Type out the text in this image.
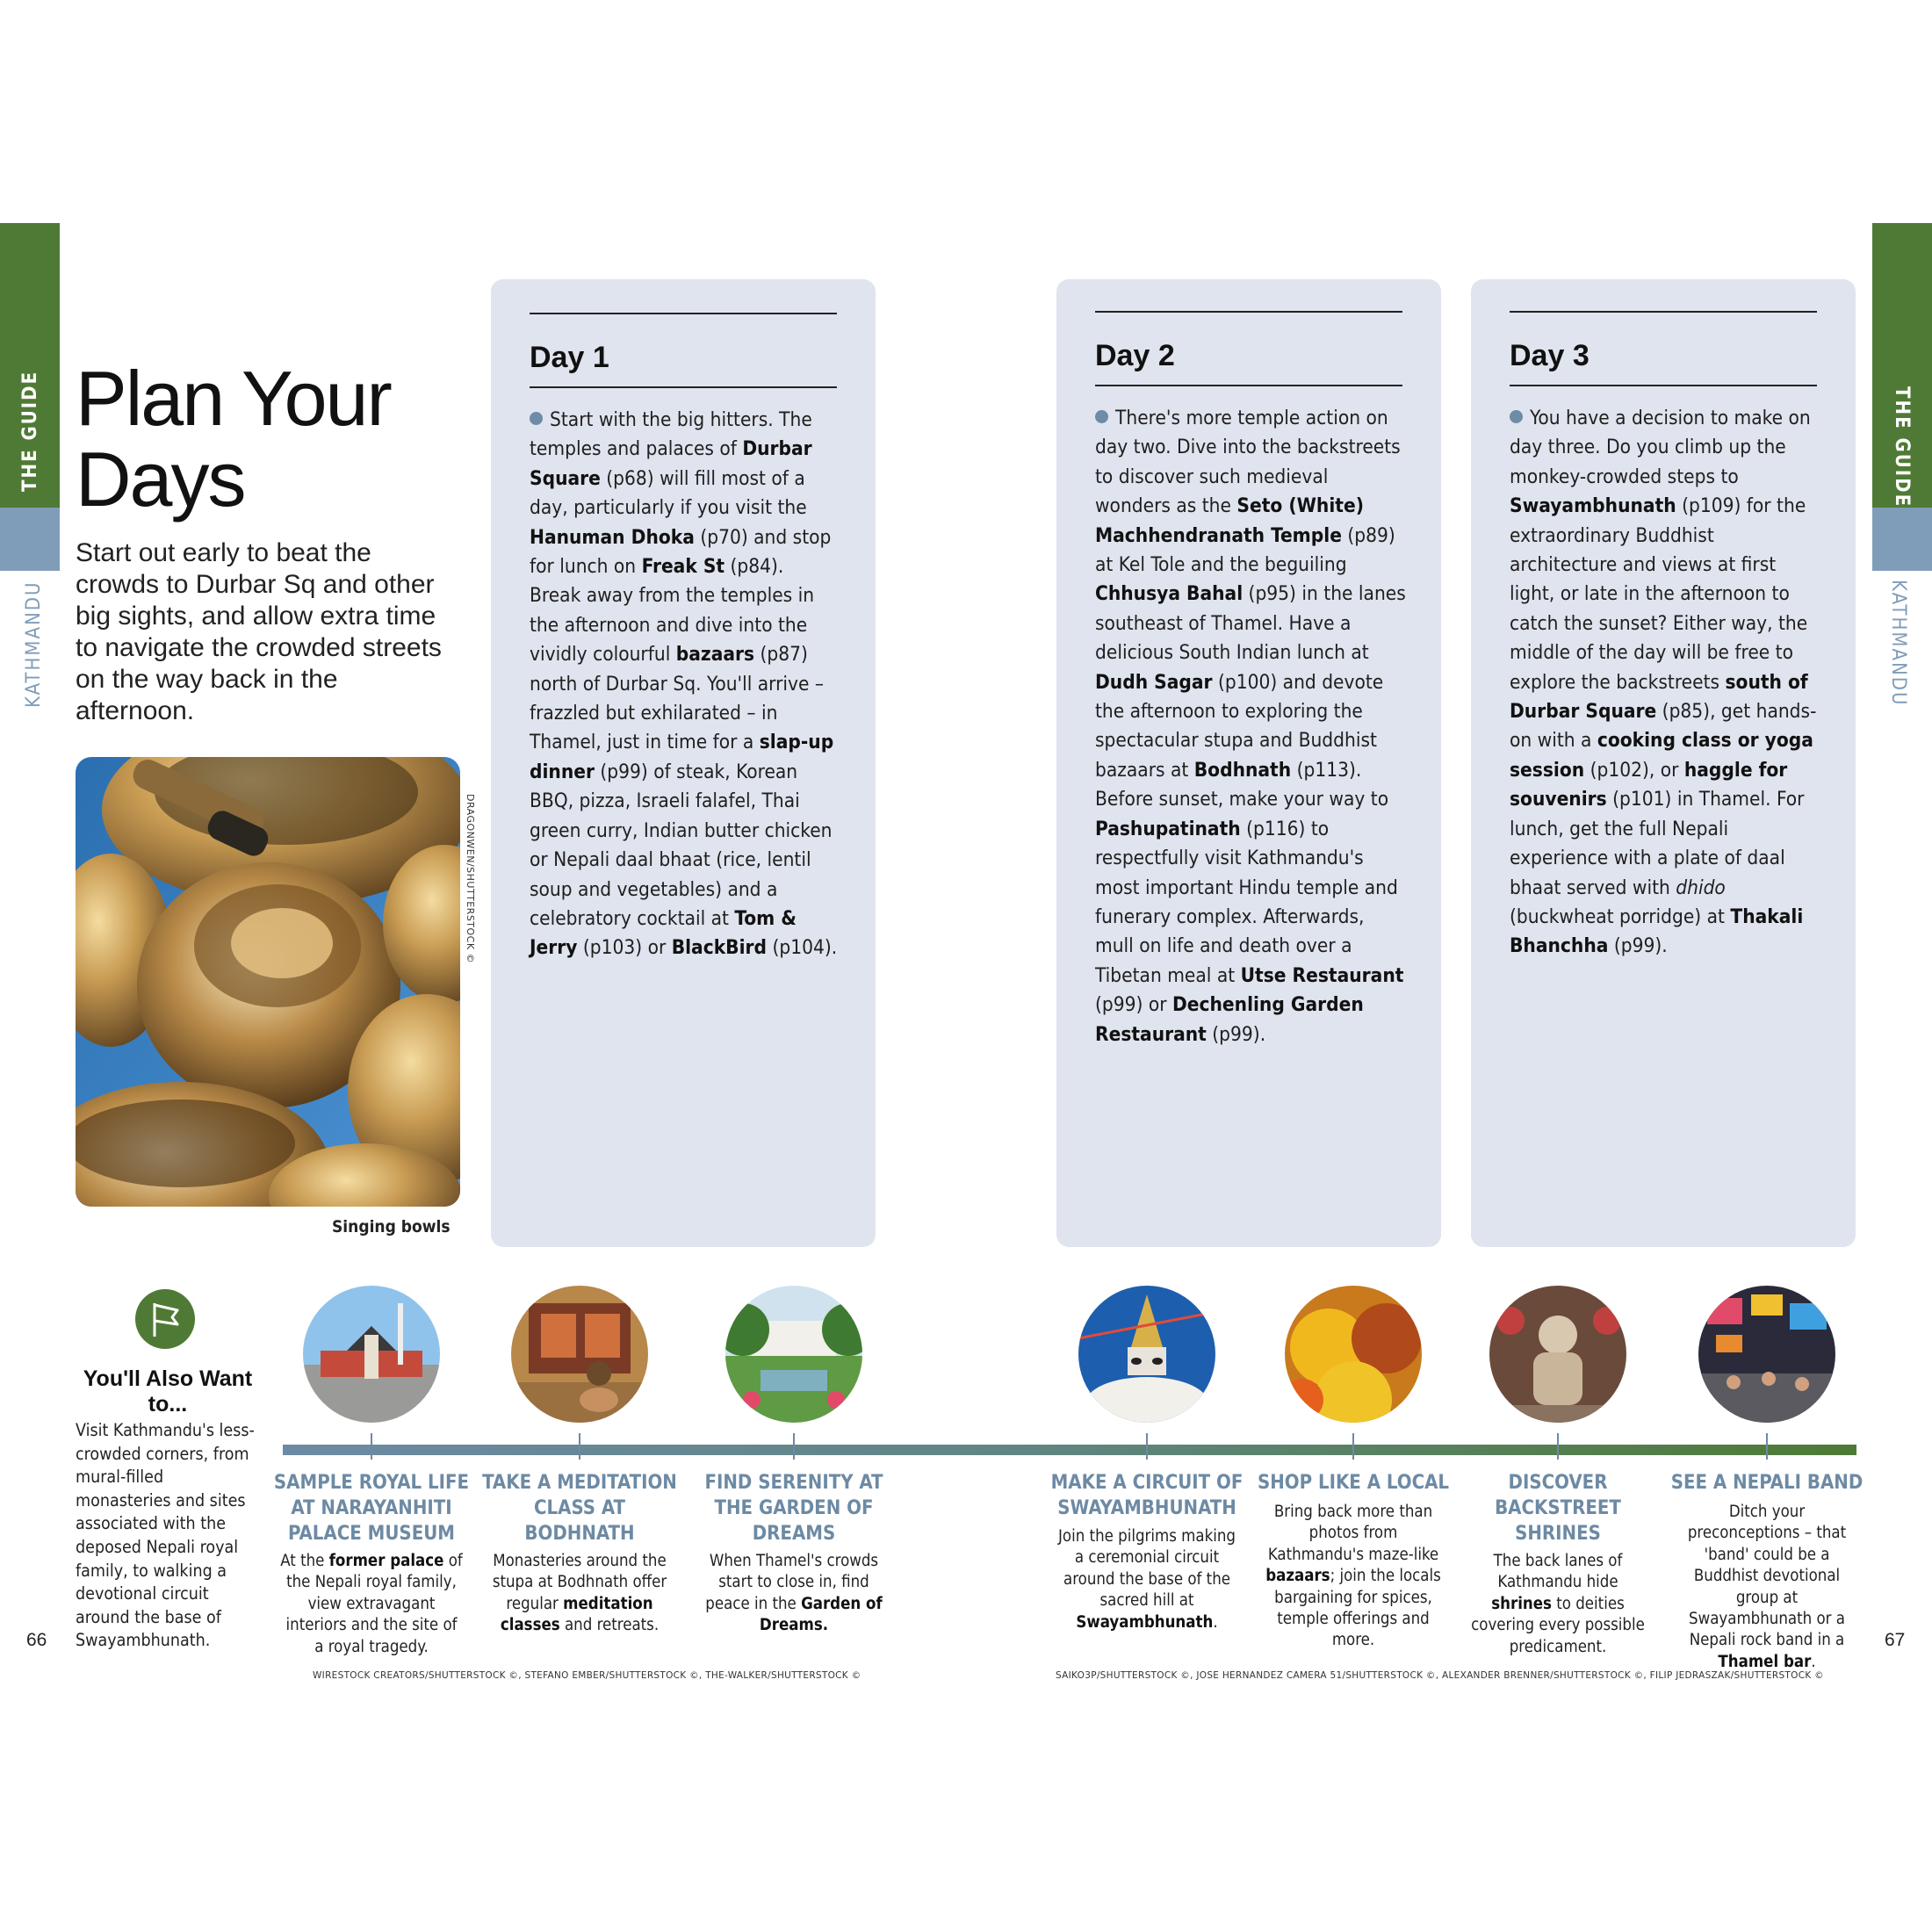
THE GUIDE
KATHMANDU
THE GUIDE
KATHMANDU
Plan Your
Days
Start out early to beat the crowds to Durbar Sq and other big sights, and allow extra time to navigate the crowded streets on the way back in the afternoon.
DRAGONWEN/SHUTTERSTOCK ©
Singing bowls
Day 1
Start with the big hitters. The temples and palaces of Durbar Square (p68) will fill most of a day, particularly if you visit the Hanuman Dhoka (p70) and stop for lunch on Freak St (p84). Break away from the temples in the afternoon and dive into the vividly colourful bazaars (p87) north of Durbar Sq. You'll arrive – frazzled but exhilarated – in Thamel, just in time for a slap-up dinner (p99) of steak, Korean BBQ, pizza, Israeli falafel, Thai green curry, Indian butter chicken or Nepali daal bhaat (rice, lentil soup and vegetables) and a celebratory cocktail at Tom & Jerry (p103) or BlackBird (p104).
Day 2
There's more temple action on day two. Dive into the backstreets to discover such medieval wonders as the Seto (White) Machhendranath Temple (p89) at Kel Tole and the beguiling Chhusya Bahal (p95) in the lanes southeast of Thamel. Have a delicious South Indian lunch at Dudh Sagar (p100) and devote the afternoon to exploring the spectacular stupa and Buddhist bazaars at Bodhnath (p113). Before sunset, make your way to Pashupatinath (p116) to respectfully visit Kathmandu's most important Hindu temple and funerary complex. Afterwards, mull on life and death over a Tibetan meal at Utse Restaurant (p99) or Dechenling Garden Restaurant (p99).
Day 3
You have a decision to make on day three. Do you climb up the monkey-crowded steps to Swayambhunath (p109) for the extraordinary Buddhist architecture and views at first light, or late in the afternoon to catch the sunset? Either way, the middle of the day will be free to explore the backstreets south of Durbar Square (p85), get hands-on with a cooking class or yoga session (p102), or haggle for souvenirs (p101) in Thamel. For lunch, get the full Nepali experience with a plate of daal bhaat served with dhido (buckwheat porridge) at Thakali Bhanchha (p99).
You'll Also Want to...
Visit Kathmandu's less-crowded corners, from mural-filled monasteries and sites associated with the deposed Nepali royal family, to walking a devotional circuit around the base of Swayambhunath.
SAMPLE ROYAL LIFE AT NARAYANHITI PALACE MUSEUM
TAKE A MEDITATION CLASS AT BODHNATH
FIND SERENITY AT THE GARDEN OF DREAMS
MAKE A CIRCUIT OF SWAYAMBHUNATH
SHOP LIKE A LOCAL	DISCOVER BACKSTREET SHRINES
SEE A NEPALI BAND
At the former palace of the Nepali royal family, view extravagant interiors and the site of a royal tragedy.
Monasteries around the stupa at Bodhnath offer regular meditation classes and retreats.
When Thamel's crowds start to close in, find peace in the Garden of Dreams.
Join the pilgrims making a ceremonial circuit around the base of the sacred hill at Swayambhunath.
Bring back more than photos from Kathmandu's maze-like bazaars; join the locals bargaining for spices, temple offerings and more.
The back lanes of Kathmandu hide shrines to deities covering every possible predicament.
Ditch your preconceptions – that 'band' could be a Buddhist devotional group at Swayambhunath or a Nepali rock band in a Thamel bar.
66	67
WIRESTOCK CREATORS/SHUTTERSTOCK ©, STEFANO EMBER/SHUTTERSTOCK ©, THE-WALKER/SHUTTERSTOCK ©	SAIKO3P/SHUTTERSTOCK ©, JOSE HERNANDEZ CAMERA 51/SHUTTERSTOCK ©, ALEXANDER BRENNER/SHUTTERSTOCK ©, FILIP JEDRASZAK/SHUTTERSTOCK ©
